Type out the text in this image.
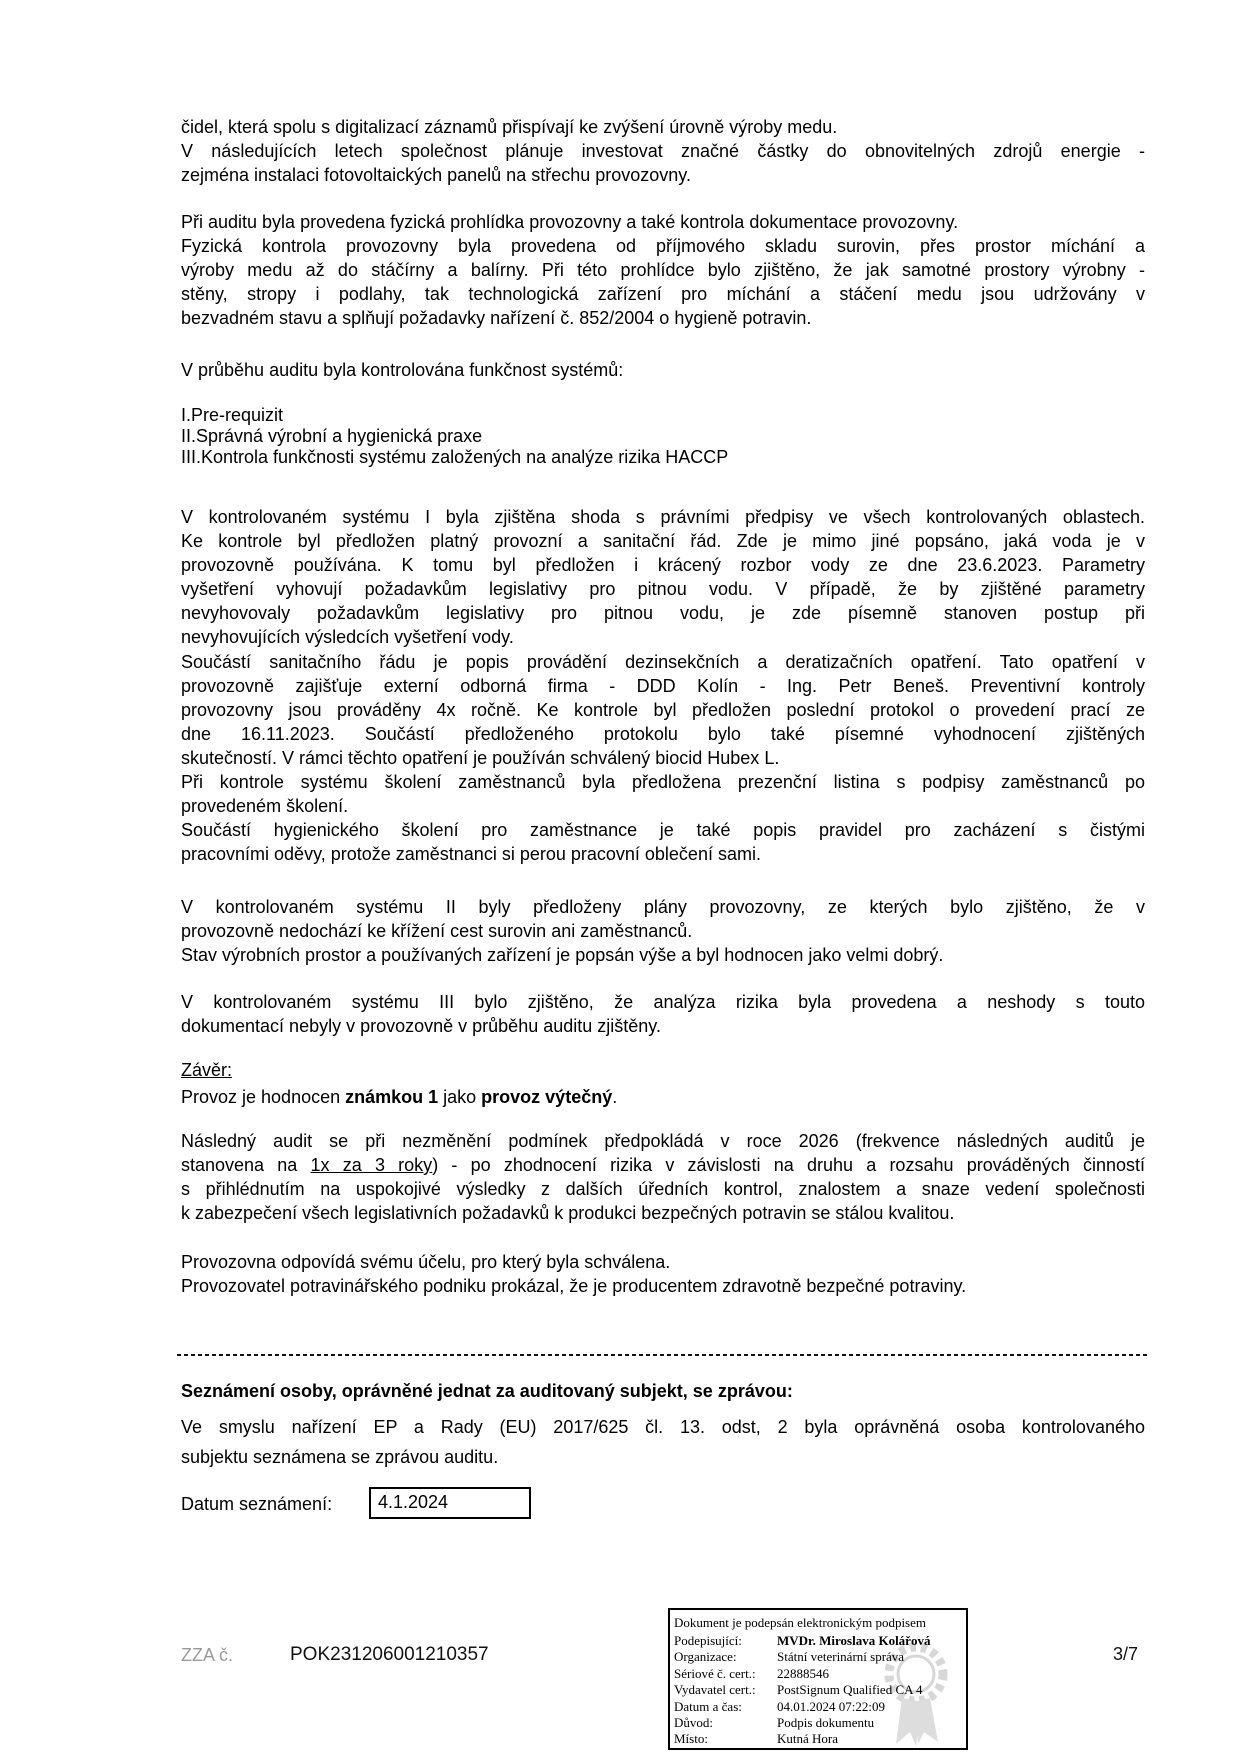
čidel, která spolu s digitalizací záznamů přispívají ke zvýšení úrovně výroby medu.
V následujících letech společnost plánuje investovat značné částky do obnovitelných zdrojů energie -
zejména instalaci fotovoltaických panelů na střechu provozovny.
Při auditu byla provedena fyzická prohlídka provozovny a také kontrola dokumentace provozovny.
Fyzická kontrola provozovny byla provedena od příjmového skladu surovin, přes prostor míchání a
výroby medu až do stáčírny a balírny. Při této prohlídce bylo zjištěno, že jak samotné prostory výrobny -
stěny, stropy i podlahy, tak technologická zařízení pro míchání a stáčení medu jsou udržovány v
bezvadném stavu a splňují požadavky nařízení č. 852/2004 o hygieně potravin.
V průběhu auditu byla kontrolována funkčnost systémů:
I.Pre-requizit
II.Správná výrobní a hygienická praxe
III.Kontrola funkčnosti systému založených na analýze rizika HACCP
V kontrolovaném systému I byla zjištěna shoda s právními předpisy ve všech kontrolovaných oblastech.
Ke kontrole byl předložen platný provozní a sanitační řád. Zde je mimo jiné popsáno, jaká voda je v
provozovně používána. K tomu byl předložen i krácený rozbor vody ze dne 23.6.2023. Parametry
vyšetření vyhovují požadavkům legislativy pro pitnou vodu. V případě, že by zjištěné parametry
nevyhovovaly požadavkům legislativy pro pitnou vodu, je zde písemně stanoven postup při
nevyhovujících výsledcích vyšetření vody.
Součástí sanitačního řádu je popis provádění dezinsekčních a deratizačních opatření. Tato opatření v
provozovně zajišťuje externí odborná firma - DDD Kolín - Ing. Petr Beneš. Preventivní kontroly
provozovny jsou prováděny 4x ročně. Ke kontrole byl předložen poslední protokol o provedení prací ze
dne 16.11.2023. Součástí předloženého protokolu bylo také písemné vyhodnocení zjištěných
skutečností. V rámci těchto opatření je používán schválený biocid Hubex L.
Při kontrole systému školení zaměstnanců byla předložena prezenční listina s podpisy zaměstnanců po
provedeném školení.
Součástí hygienického školení pro zaměstnance je také popis pravidel pro zacházení s čistými
pracovními oděvy, protože zaměstnanci si perou pracovní oblečení sami.
V kontrolovaném systému II byly předloženy plány provozovny, ze kterých bylo zjištěno, že v
provozovně nedochází ke křížení cest surovin ani zaměstnanců.
Stav výrobních prostor a používaných zařízení je popsán výše a byl hodnocen jako velmi dobrý.
V kontrolovaném systému III bylo zjištěno, že analýza rizika byla provedena a neshody s touto
dokumentací nebyly v provozovně v průběhu auditu zjištěny.
Závěr:
Provoz je hodnocen známkou 1 jako provoz výtečný.
Následný audit se při nezměnění podmínek předpokládá v roce 2026 (frekvence následných auditů je
stanovena na 1x za 3 roky) - po zhodnocení rizika v závislosti na druhu a rozsahu prováděných činností
s přihlédnutím na uspokojivé výsledky z dalších úředních kontrol, znalostem a snaze vedení společnosti
k zabezpečení všech legislativních požadavků k produkci bezpečných potravin se stálou kvalitou.
Provozovna odpovídá svému účelu, pro který byla schválena.
Provozovatel potravinářského podniku prokázal, že je producentem zdravotně bezpečné potraviny.
Seznámení osoby, oprávněné jednat za auditovaný subjekt, se zprávou:
Ve smyslu nařízení EP a Rady (EU) 2017/625 čl. 13. odst, 2 byla oprávněná osoba kontrolovaného
subjektu seznámena se zprávou auditu.
Datum seznámení:	4.1.2024
Dokument je podepsán elektronickým podpisem
Podepisující:	MVDr. Miroslava Kolářová
Organizace:	Státní veterinární správa
Sériové č. cert.:	22888546
Vydavatel cert.:	PostSignum Qualified CA 4
Datum a čas:	04.01.2024 07:22:09
Důvod:	Podpis dokumentu
Místo:	Kutná Hora
ZZA č.	POK231206001210357	3/7
